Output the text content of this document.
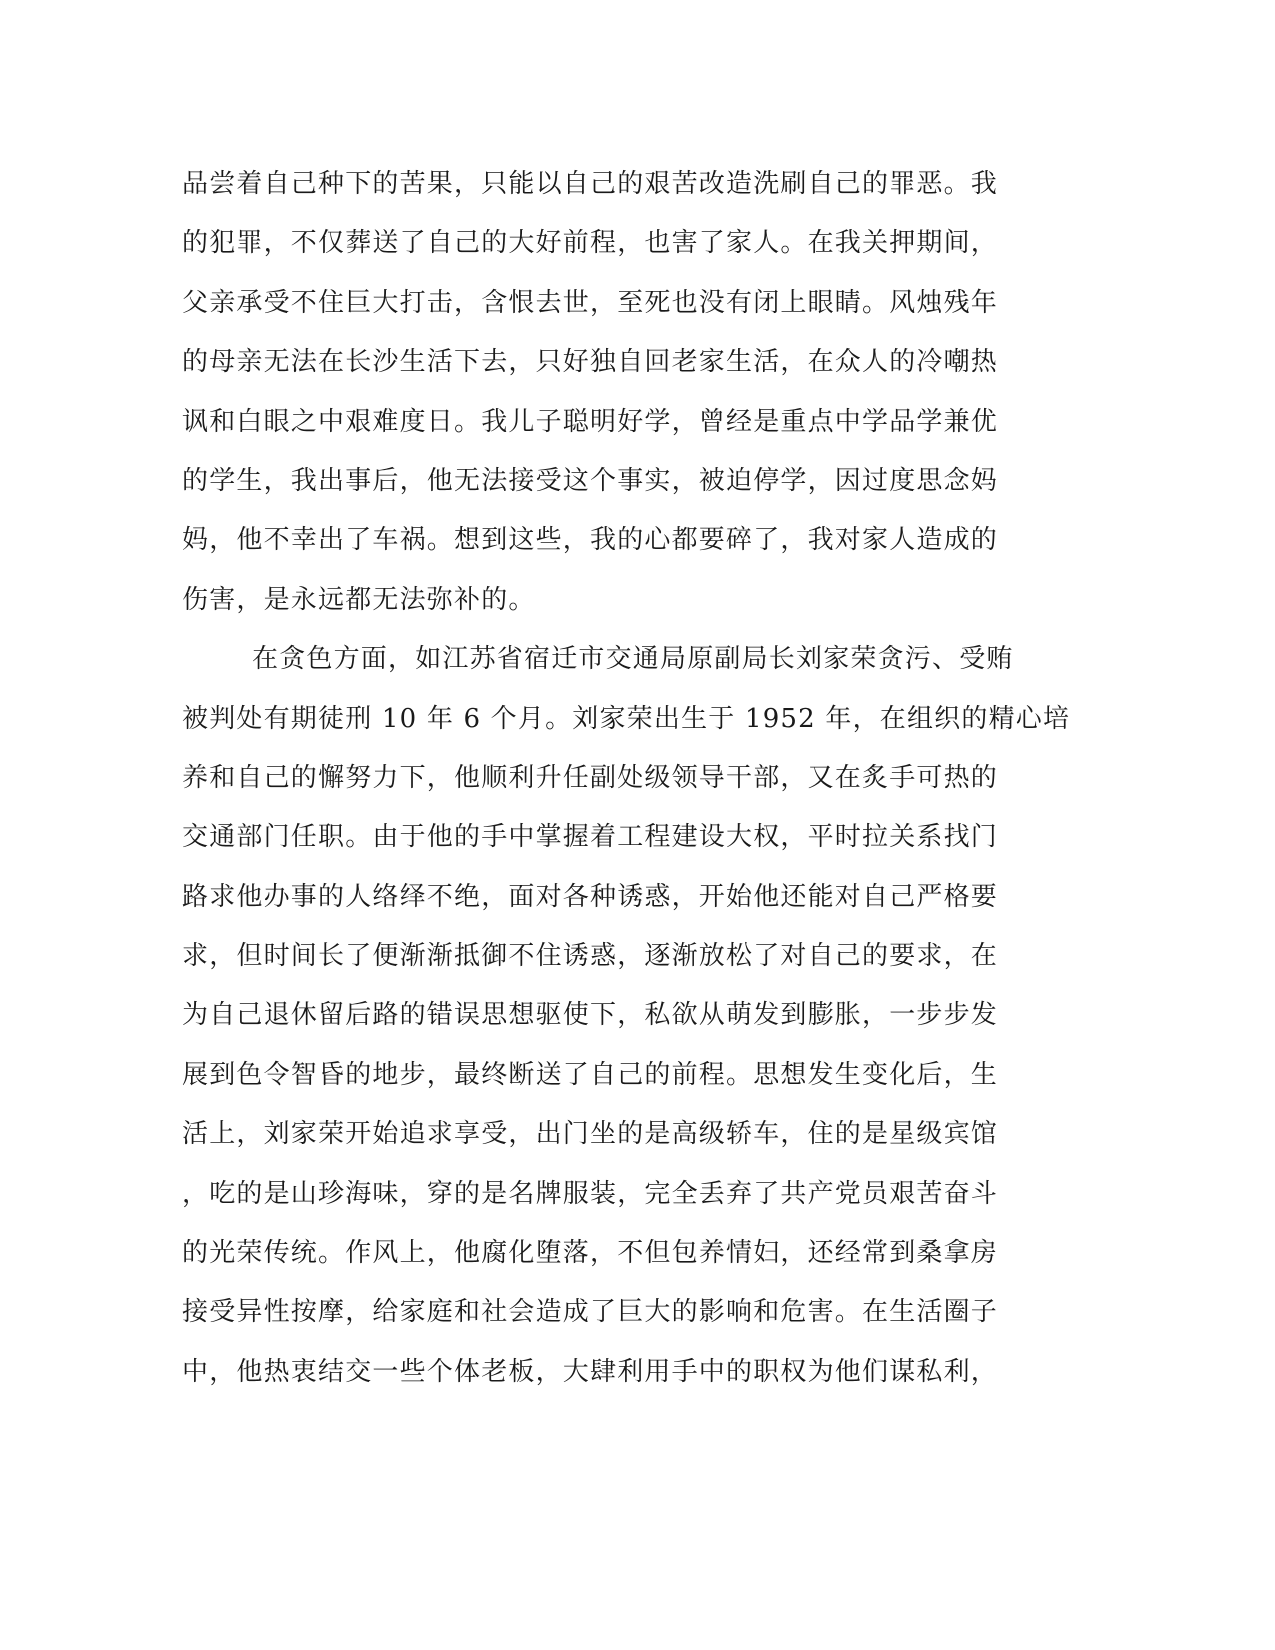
品尝着自己种下的苦果，只能以自己的艰苦改造洗刷自己的罪恶。我
的犯罪，不仅葬送了自己的大好前程，也害了家人。在我关押期间，
父亲承受不住巨大打击，含恨去世，至死也没有闭上眼睛。风烛残年
的母亲无法在长沙生活下去，只好独自回老家生活，在众人的冷嘲热
讽和白眼之中艰难度日。我儿子聪明好学，曾经是重点中学品学兼优
的学生，我出事后，他无法接受这个事实，被迫停学，因过度思念妈
妈，他不幸出了车祸。想到这些，我的心都要碎了，我对家人造成的
伤害，是永远都无法弥补的。
在贪色方面，如江苏省宿迁市交通局原副局长刘家荣贪污、受贿
被判处有期徒刑 10 年 6 个月。刘家荣出生于 1952 年，在组织的精心培
养和自己的懈努力下，他顺利升任副处级领导干部，又在炙手可热的
交通部门任职。由于他的手中掌握着工程建设大权，平时拉关系找门
路求他办事的人络绎不绝，面对各种诱惑，开始他还能对自己严格要
求，但时间长了便渐渐抵御不住诱惑，逐渐放松了对自己的要求，在
为自己退休留后路的错误思想驱使下，私欲从萌发到膨胀，一步步发
展到色令智昏的地步，最终断送了自己的前程。思想发生变化后，生
活上，刘家荣开始追求享受，出门坐的是高级轿车，住的是星级宾馆
，吃的是山珍海味，穿的是名牌服装，完全丢弃了共产党员艰苦奋斗
的光荣传统。作风上，他腐化堕落，不但包养情妇，还经常到桑拿房
接受异性按摩，给家庭和社会造成了巨大的影响和危害。在生活圈子
中，他热衷结交一些个体老板，大肆利用手中的职权为他们谋私利，
